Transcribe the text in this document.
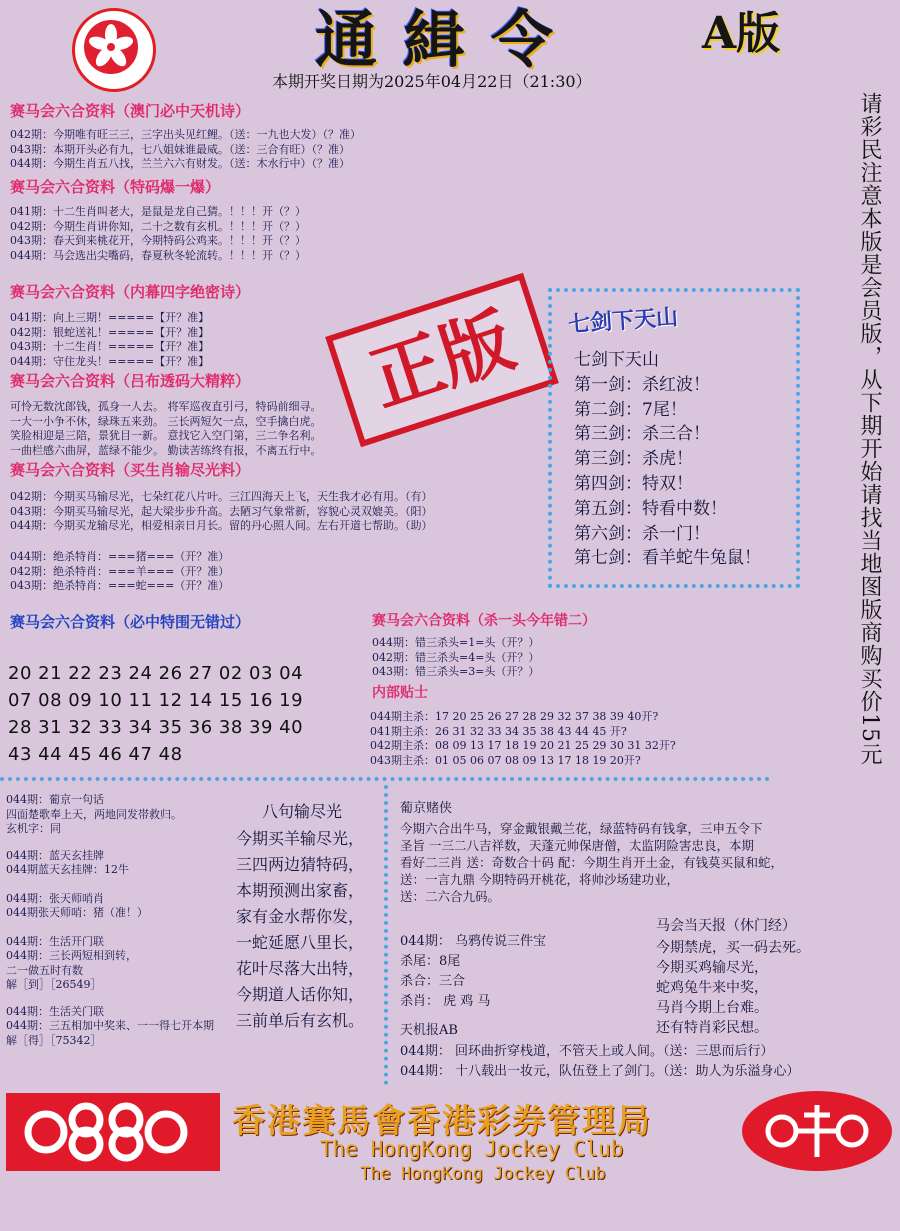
通緝令	A版
本期开奖日期为2025年04月22日（21:30）
请彩民注意本版是会员版，从下期开始请找当地图版商购买价15元
赛马会六合资料（澳门必中天机诗）
042期：今期唯有旺三三，三字出头见红鲤。（送：一九也大发）（？准）
043期：本期开头必有九，七八姐妹谁最威。（送：三合有旺）（？准）
044期：今期生肖五八找，兰兰六六有财发。（送：木水行中）（？准）
赛马会六合资料（特码爆一爆）
041期：十二生肖叫老大，是鼠是龙自己猜。！！！开（？）
042期：今期生肖讲你知，二十之数有玄机。！！！开（？）
043期：春天到来桃花开，今期特码公鸡来。！！！开（？）
044期：马会选出尖嘴码，春夏秋冬轮流转。！！！开（？）
赛马会六合资料（内幕四字绝密诗）
041期：向上三期！=====【开？准】
042期：银蛇送礼！=====【开？准】
043期：十二生肖！=====【开？准】
044期：守住龙头！=====【开？准】	正版
赛马会六合资料（吕布透码大精粹）
可怜无数沈郎钱，孤身一人去。 将军巡夜直引弓，特码前细寻。
一大一小争不休，绿珠五来劲。 三长两短欠一点，空手擒白虎。
笑脸相迎是三陪，景犹目一新。 意找它入空门第，三二争名利。
一曲栏感六曲屏，蓝绿不能少。 勤读苦练终有报，不离五行中。
赛马会六合资料（买生肖输尽光料）
042期：今期买马输尽光，七朵红花八片叶。三江四海天上飞，天生我才必有用。（有）
043期：今期买马输尽光，起大梁步步升高。去陋习气象常新，容貌心灵双媲美。（阳）
044期：今期买龙输尽光，相爱相亲日月长。留的丹心照人间。左右开道七帮助。（助）
044期：绝杀特肖：===猪===（开？准）
042期：绝杀特肖：===羊===（开？准）
043期：绝杀特肖：===蛇===（开？准）
七剑下天山
七剑下天山
第一剑：杀红波！
第二剑：7尾！
第三剑：杀三合！
第三剑：杀虎！
第四剑：特双！
第五剑：特看中数！
第六剑：杀一门！
第七剑：看羊蛇牛兔鼠！
赛马会六合资料（必中特围无错过）
20 21 22 23 24 26 27 02 03 04
07 08 09 10 11 12 14 15 16 19
28 31 32 33 34 35 36 38 39 40
43 44 45 46 47 48
赛马会六合资料（杀一头今年错二）
044期：错三杀头=1=头（开？）
042期：错三杀头=4=头（开？）
043期：错三杀头=3=头（开？）
内部贴士
044期主杀：17 20 25 26 27 28 29 32 37 38 39 40开?
041期主杀：26 31 32 33 34 35 38 43 44 45 开?
042期主杀：08 09 13 17 18 19 20 21 25 29 30 31 32开?
043期主杀：01 05 06 07 08 09 13 17 18 19 20开?
044期：葡京一句话
四面楚歌奉上天，两地同发帯救归。
玄机字：同
044期：蓝天玄挂牌
044期蓝天玄挂牌：12牛
044期：张天师哨肖
044期张天师哨：猪（准！）
044期：生活开门联
044期：三长两短相到转，
二一做五时有数
解［到］［26549］
044期：生活关门联
044期：三五相加中奖来、一一得七开本期
解［得］［75342］
八句输尽光
今期买羊输尽光，
三四两边猜特码，
本期预测出家畜，
家有金水帮你发，
一蛇延愿八里长，
花叶尽落大出特，
今期道人话你知，
三前单后有玄机。
葡京赌侠
今期六合出牛马，穿金戴银戴兰花，绿蓝特码有钱拿，三申五令下
圣旨 一三二八吉祥数，天蓬元帅保唐僧，太监阴险害忠良，本期
看好二三肖 送：奇数合十码 配：今期生肖开土金，有钱莫买鼠和蛇，
送：一言九鼎 今期特码开桃花，将帅沙场建功业，
送：二六合九码。
044期： 乌鸦传说三件宝
杀尾：8尾
杀合：三合
杀肖： 虎 鸡 马
马会当天报（休门经）
今期禁虎，买一码去死。
今期买鸡输尽光，
蛇鸡兔牛来中奖，
马肖今期上台难。
还有特肖彩民想。
天机报AB
044期： 回环曲折穿栈道，不管天上或人间。（送：三思而后行）
044期： 十八载出一妆元，队伍登上了剑门。（送：助人为乐溢身心）
香港賽馬會香港彩券管理局
The HongKong Jockey Club
The HongKong Jockey Club
